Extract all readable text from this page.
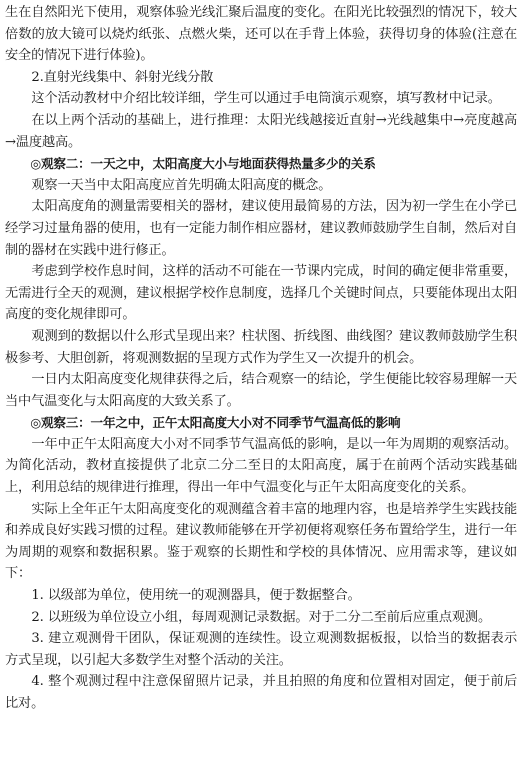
生在自然阳光下使用，观察体验光线汇聚后温度的变化。在阳光比较强烈的情况下，较大倍数的放大镜可以烧灼纸张、点燃火柴，还可以在手背上体验，获得切身的体验(注意在安全的情况下进行体验)。

2.直射光线集中、斜射光线分散

这个活动教材中介绍比较详细，学生可以通过手电筒演示观察，填写教材中记录。

在以上两个活动的基础上，进行推理：太阳光线越接近直射→光线越集中→亮度越高→温度越高。

◎观察二：一天之中，太阳高度大小与地面获得热量多少的关系

观察一天当中太阳高度应首先明确太阳高度的概念。

太阳高度角的测量需要相关的器材，建议使用最简易的方法，因为初一学生在小学已经学习过量角器的使用，也有一定能力制作相应器材，建议教师鼓励学生自制，然后对自制的器材在实践中进行修正。

考虑到学校作息时间，这样的活动不可能在一节课内完成，时间的确定便非常重要，无需进行全天的观测，建议根据学校作息制度，选择几个关键时间点，只要能体现出太阳高度的变化规律即可。

观测到的数据以什么形式呈现出来？柱状图、折线图、曲线图？建议教师鼓励学生积极参考、大胆创新，将观测数据的呈现方式作为学生又一次提升的机会。

一日内太阳高度变化规律获得之后，结合观察一的结论，学生便能比较容易理解一天当中气温变化与太阳高度的大致关系了。

◎观察三：一年之中，正午太阳高度大小对不同季节气温高低的影响

一年中正午太阳高度大小对不同季节气温高低的影响，是以一年为周期的观察活动。为简化活动，教材直接提供了北京二分二至日的太阳高度，属于在前两个活动实践基础上，利用总结的规律进行推理，得出一年中气温变化与正午太阳高度变化的关系。

实际上全年正午太阳高度变化的观测蕴含着丰富的地理内容，也是培养学生实践技能和养成良好实践习惯的过程。建议教师能够在开学初便将观察任务布置给学生，进行一年为周期的观察和数据积累。鉴于观察的长期性和学校的具体情况、应用需求等，建议如下：

1. 以级部为单位，使用统一的观测器具，便于数据整合。

2. 以班级为单位设立小组，每周观测记录数据。对于二分二至前后应重点观测。

3. 建立观测骨干团队，保证观测的连续性。设立观测数据板报，以恰当的数据表示方式呈现，以引起大多数学生对整个活动的关注。

4. 整个观测过程中注意保留照片记录，并且拍照的角度和位置相对固定，便于前后比对。
